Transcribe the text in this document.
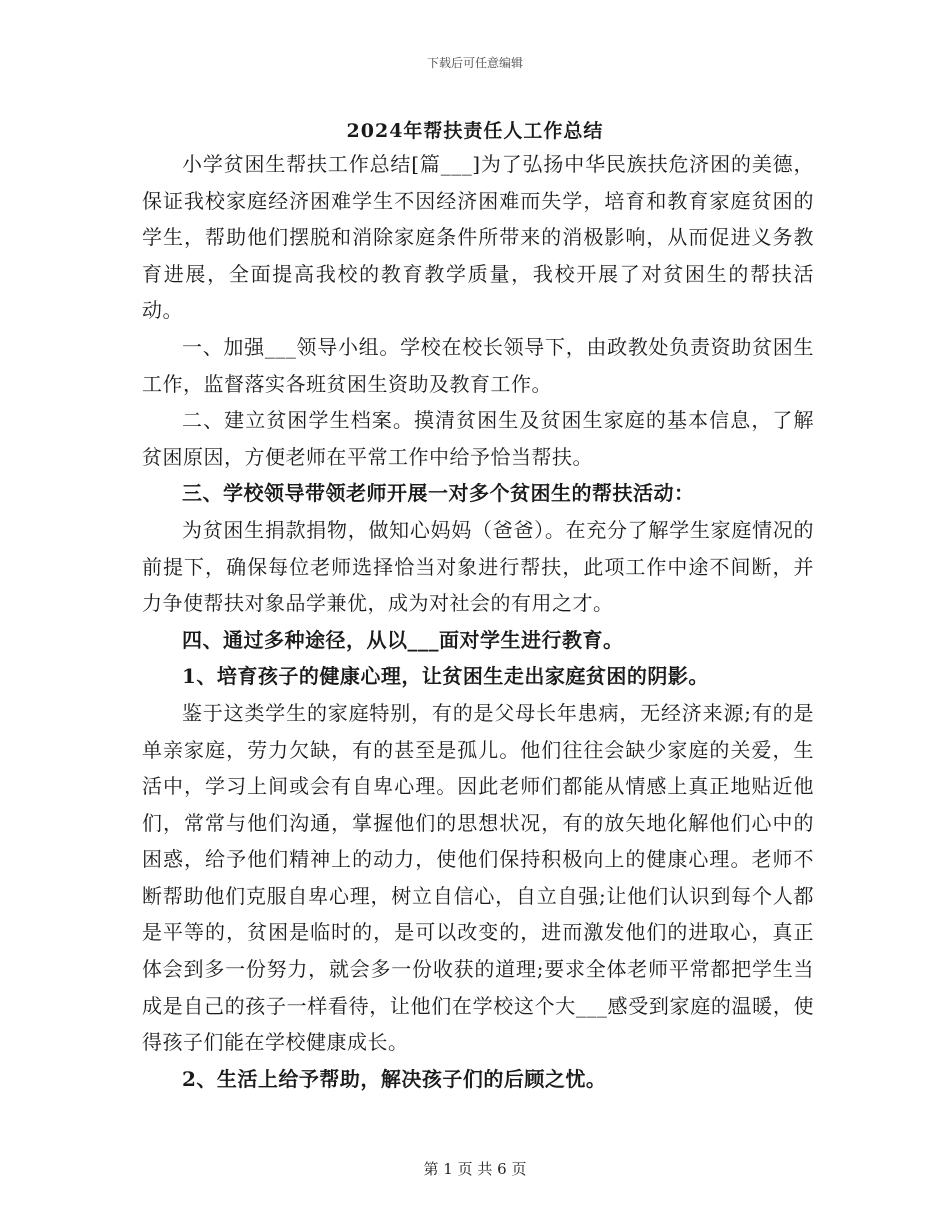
下载后可任意编辑
2024年帮扶责任人工作总结

小学贫困生帮扶工作总结[篇___]为了弘扬中华民族扶危济困的美德，保证我校家庭经济困难学生不因经济困难而失学，培育和教育家庭贫困的学生，帮助他们摆脱和消除家庭条件所带来的消极影响，从而促进义务教育进展，全面提高我校的教育教学质量，我校开展了对贫困生的帮扶活动。

一、加强___领导小组。学校在校长领导下，由政教处负责资助贫困生工作，监督落实各班贫困生资助及教育工作。

二、建立贫困学生档案。摸清贫困生及贫困生家庭的基本信息，了解贫困原因，方便老师在平常工作中给予恰当帮扶。

三、学校领导带领老师开展一对多个贫困生的帮扶活动：

为贫困生捐款捐物，做知心妈妈（爸爸）。在充分了解学生家庭情况的前提下，确保每位老师选择恰当对象进行帮扶，此项工作中途不间断，并力争使帮扶对象品学兼优，成为对社会的有用之才。

四、通过多种途径，从以___面对学生进行教育。

1、培育孩子的健康心理，让贫困生走出家庭贫困的阴影。

鉴于这类学生的家庭特别，有的是父母长年患病，无经济来源;有的是单亲家庭，劳力欠缺，有的甚至是孤儿。他们往往会缺少家庭的关爱，生活中，学习上间或会有自卑心理。因此老师们都能从情感上真正地贴近他们，常常与他们沟通，掌握他们的思想状况，有的放矢地化解他们心中的困惑，给予他们精神上的动力，使他们保持积极向上的健康心理。老师不断帮助他们克服自卑心理，树立自信心，自立自强;让他们认识到每个人都是平等的，贫困是临时的，是可以改变的，进而激发他们的进取心，真正体会到多一份努力，就会多一份收获的道理;要求全体老师平常都把学生当成是自己的孩子一样看待，让他们在学校这个大___感受到家庭的温暖，使得孩子们能在学校健康成长。

2、生活上给予帮助，解决孩子们的后顾之忧。

第 1 页 共 6 页
